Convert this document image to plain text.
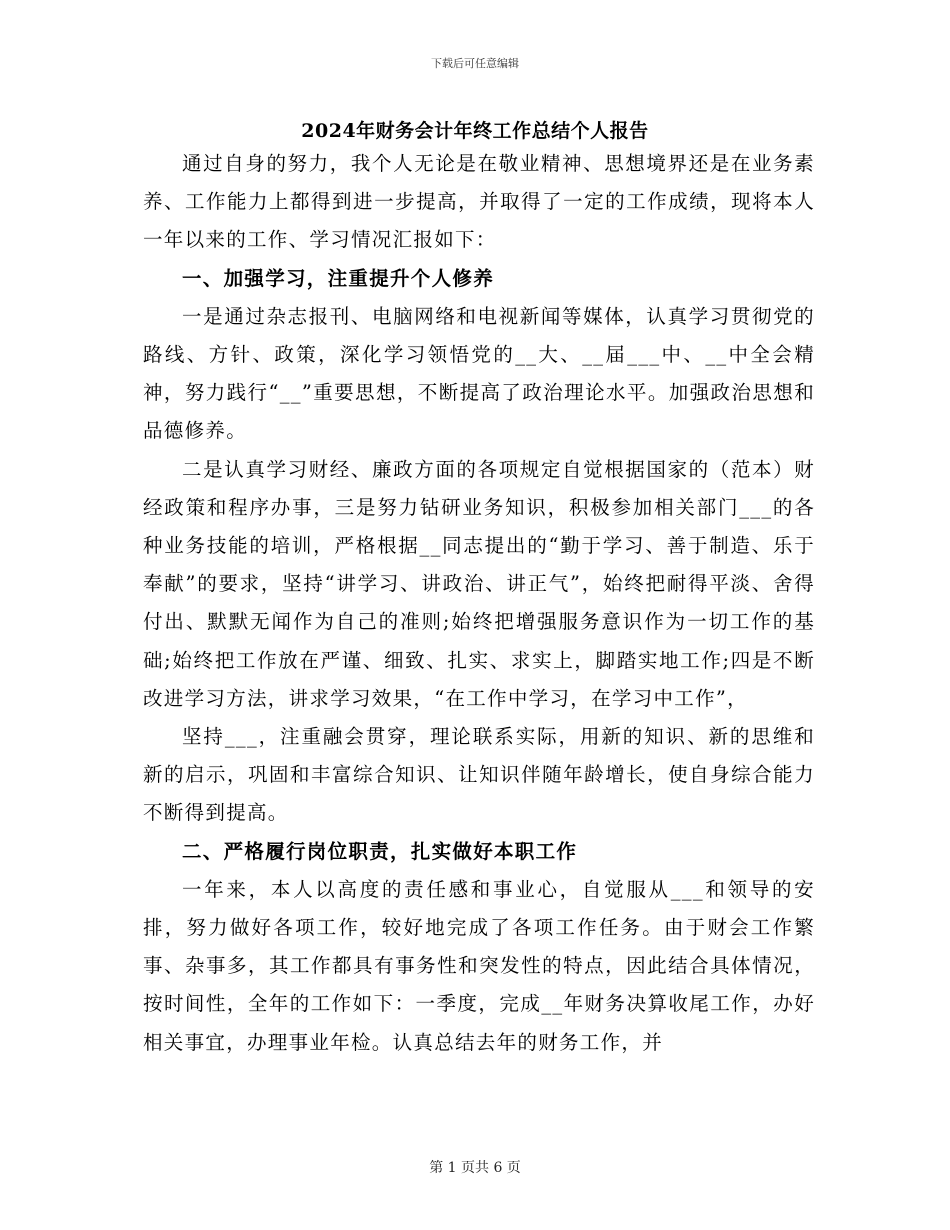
下载后可任意编辑
2024年财务会计年终工作总结个人报告

通过自身的努力，我个人无论是在敬业精神、思想境界还是在业务素养、工作能力上都得到进一步提高，并取得了一定的工作成绩，现将本人一年以来的工作、学习情况汇报如下：

一、加强学习，注重提升个人修养

一是通过杂志报刊、电脑网络和电视新闻等媒体，认真学习贯彻党的路线、方针、政策，深化学习领悟党的__大、__届___中、__中全会精神，努力践行“__”重要思想，不断提高了政治理论水平。加强政治思想和品德修养。

二是认真学习财经、廉政方面的各项规定自觉根据国家的（范本）财经政策和程序办事，三是努力钻研业务知识，积极参加相关部门___的各种业务技能的培训，严格根据__同志提出的“勤于学习、善于制造、乐于奉献”的要求，坚持“讲学习、讲政治、讲正气”，始终把耐得平淡、舍得付出、默默无闻作为自己的准则;始终把增强服务意识作为一切工作的基础;始终把工作放在严谨、细致、扎实、求实上，脚踏实地工作;四是不断改进学习方法，讲求学习效果，“在工作中学习，在学习中工作”，

坚持___，注重融会贯穿，理论联系实际，用新的知识、新的思维和新的启示，巩固和丰富综合知识、让知识伴随年龄增长，使自身综合能力不断得到提高。

二、严格履行岗位职责，扎实做好本职工作

一年来，本人以高度的责任感和事业心，自觉服从___和领导的安排，努力做好各项工作，较好地完成了各项工作任务。由于财会工作繁事、杂事多，其工作都具有事务性和突发性的特点，因此结合具体情况，按时间性，全年的工作如下：一季度，完成__年财务决算收尾工作，办好相关事宜，办理事业年检。认真总结去年的财务工作，并

第 1 页共 6 页
